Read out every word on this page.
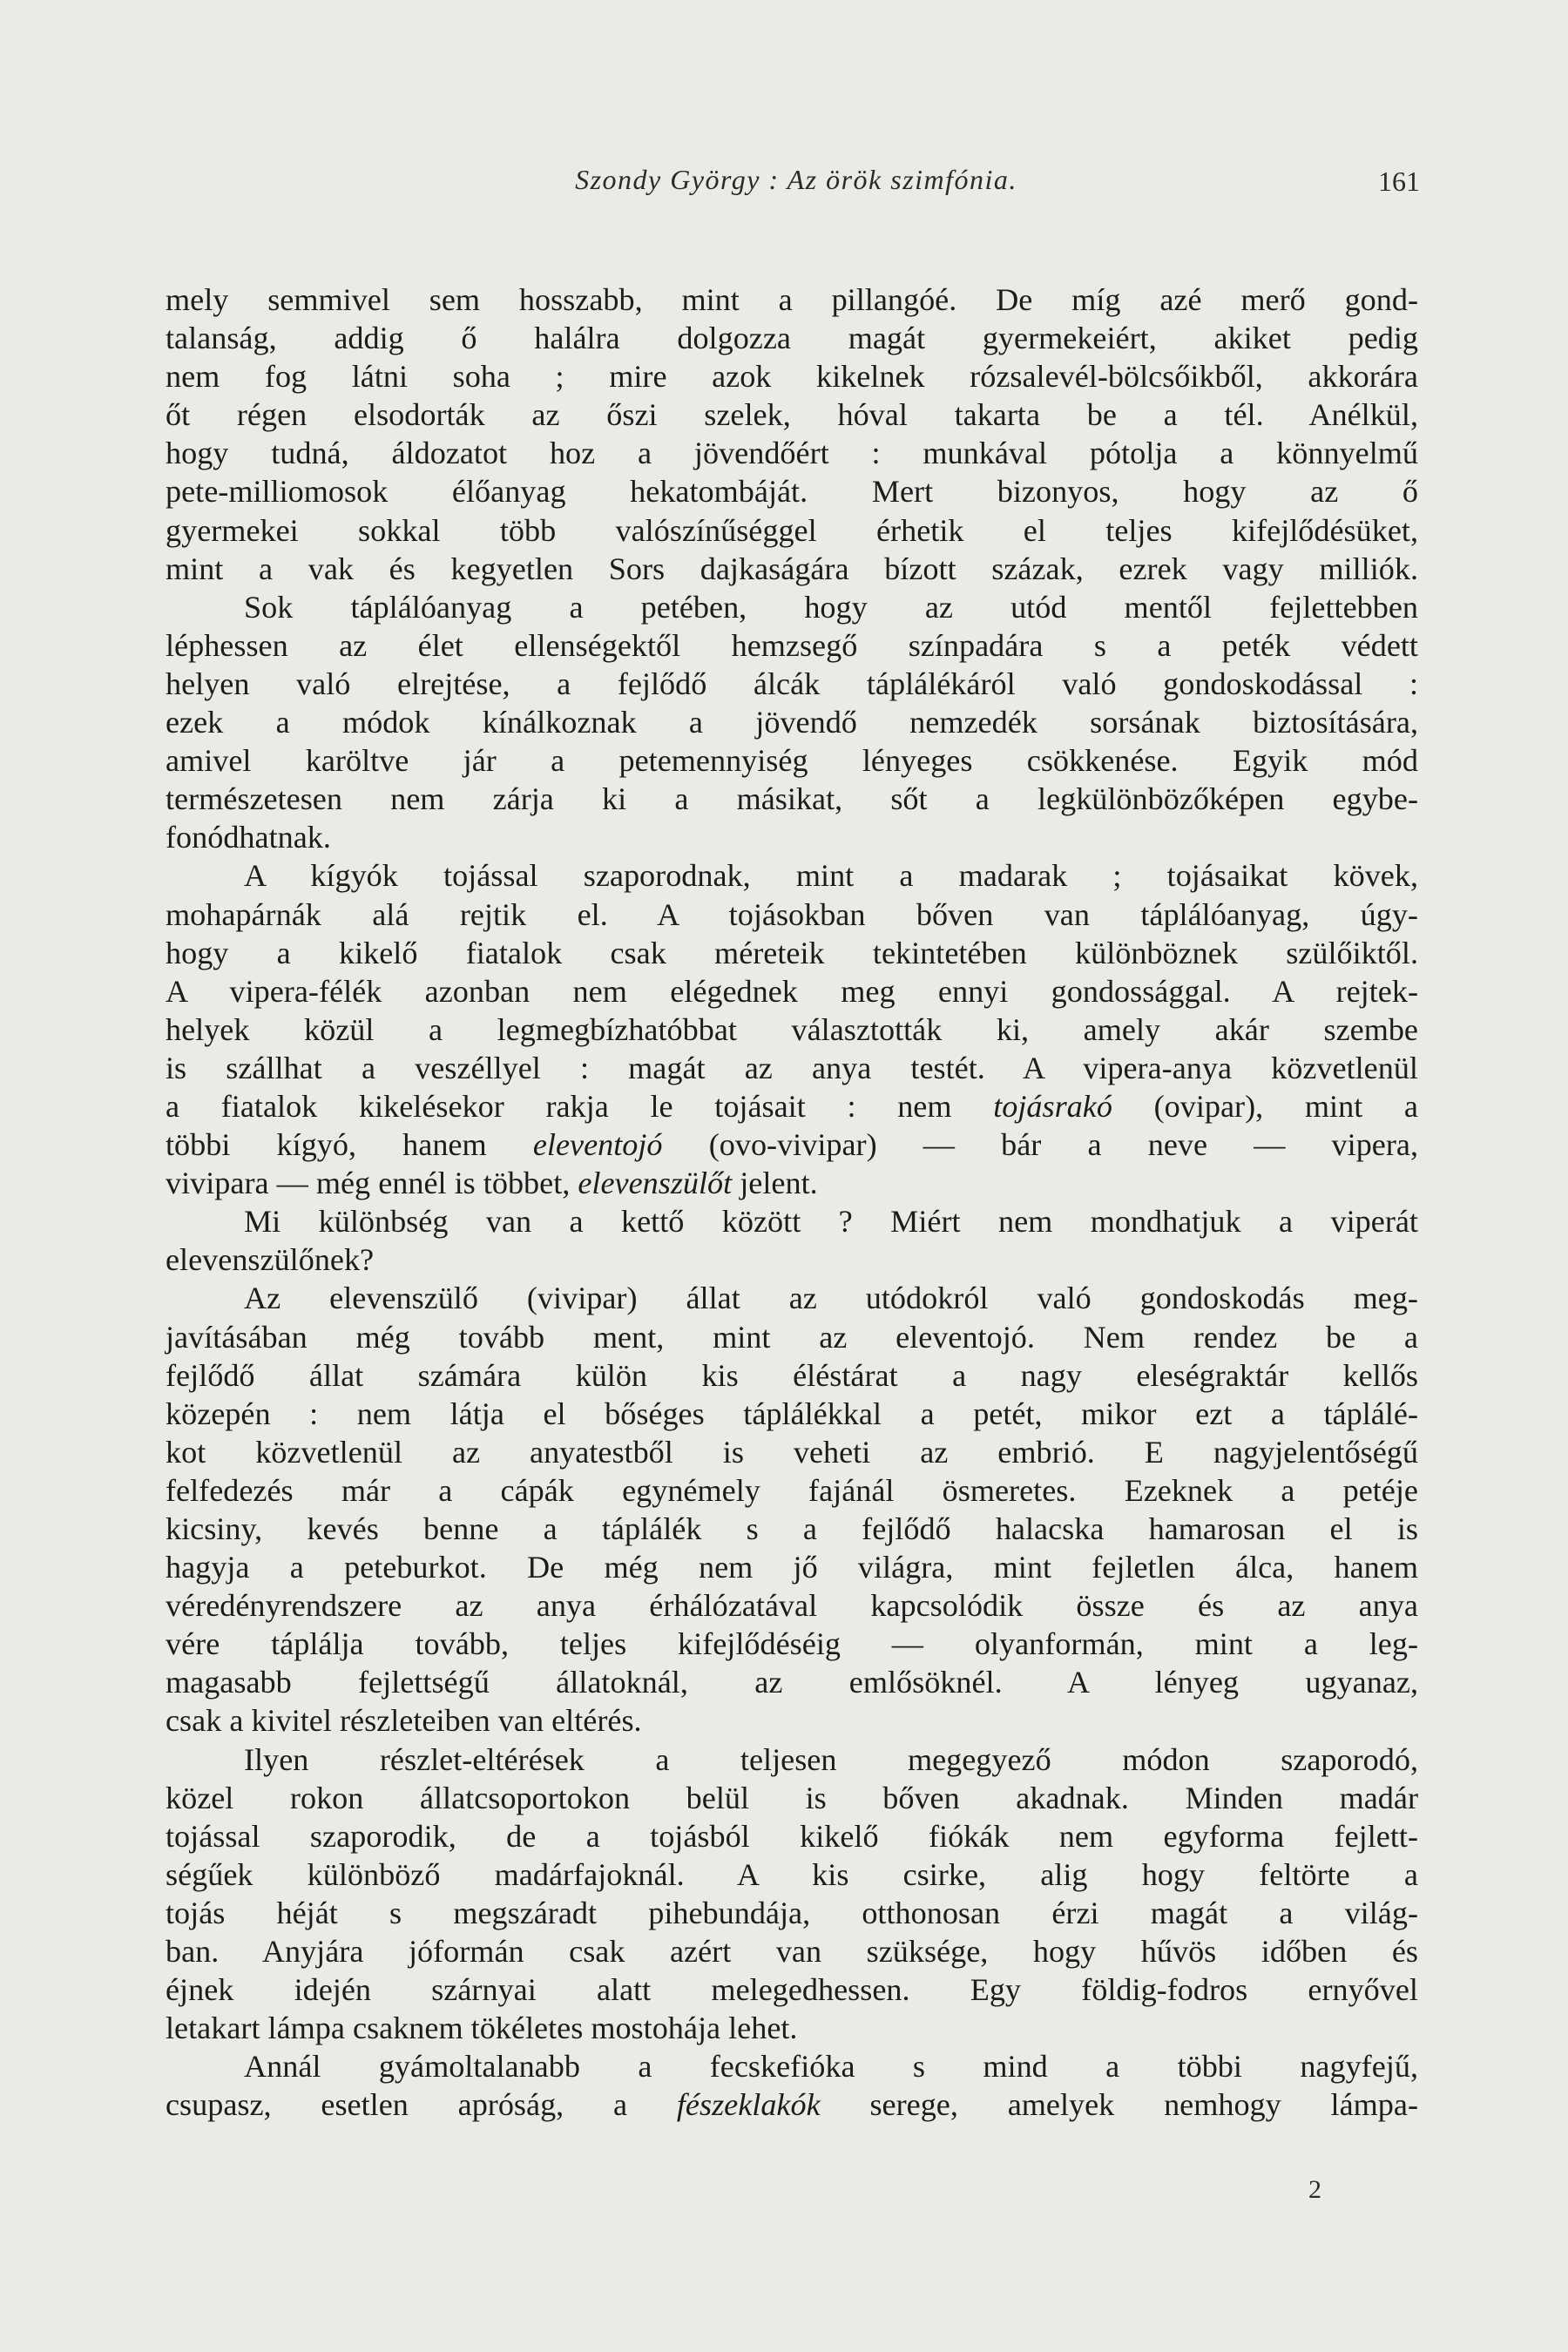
Szondy György : Az örök szimfónia.	161
mely semmivel sem hosszabb, mint a pillangóé. De míg azé merő gond-
talanság, addig ő halálra dolgozza magát gyermekeiért, akiket pedig
nem fog látni soha ; mire azok kikelnek rózsalevél-bölcsőikből, akkorára
őt régen elsodorták az őszi szelek, hóval takarta be a tél. Anélkül,
hogy tudná, áldozatot hoz a jövendőért : munkával pótolja a könnyelmű
pete-milliomosok élőanyag hekatombáját. Mert bizonyos, hogy az ő
gyermekei sokkal több valószínűséggel érhetik el teljes kifejlődésüket,
mint a vak és kegyetlen Sors dajkaságára bízott százak, ezrek vagy milliók.
Sok táplálóanyag a petében, hogy az utód mentől fejlettebben
léphessen az élet ellenségektől hemzsegő színpadára s a peték védett
helyen való elrejtése, a fejlődő álcák táplálékáról való gondoskodással :
ezek a módok kínálkoznak a jövendő nemzedék sorsának biztosítására,
amivel karöltve jár a petemennyiség lényeges csökkenése. Egyik mód
természetesen nem zárja ki a másikat, sőt a legkülönbözőképen egybe-
fonódhatnak.
A kígyók tojással szaporodnak, mint a madarak ; tojásaikat kövek,
mohapárnák alá rejtik el. A tojásokban bőven van táplálóanyag, úgy-
hogy a kikelő fiatalok csak méreteik tekintetében különböznek szülőiktől.
A vipera-félék azonban nem elégednek meg ennyi gondossággal. A rejtek-
helyek közül a legmegbízhatóbbat választották ki, amely akár szembe
is szállhat a veszéllyel : magát az anya testét. A vipera-anya közvetlenül
a fiatalok kikelésekor rakja le tojásait : nem tojásrakó (ovipar), mint a
többi kígyó, hanem eleventojó (ovo-vivipar) — bár a neve — vipera,
vivipara — még ennél is többet, elevenszülőt jelent.
Mi különbség van a kettő között ? Miért nem mondhatjuk a viperát
elevenszülőnek?
Az elevenszülő (vivipar) állat az utódokról való gondoskodás meg-
javításában még tovább ment, mint az eleventojó. Nem rendez be a
fejlődő állat számára külön kis éléstárat a nagy eleségraktár kellős
közepén : nem látja el bőséges táplálékkal a petét, mikor ezt a táplálé-
kot közvetlenül az anyatestből is veheti az embrió. E nagyjelentőségű
felfedezés már a cápák egynémely fajánál ösmeretes. Ezeknek a petéje
kicsiny, kevés benne a táplálék s a fejlődő halacska hamarosan el is
hagyja a peteburkot. De még nem jő világra, mint fejletlen álca, hanem
véredényrendszere az anya érhálózatával kapcsolódik össze és az anya
vére táplálja tovább, teljes kifejlődéséig — olyanformán, mint a leg-
magasabb fejlettségű állatoknál, az emlősöknél. A lényeg ugyanaz,
csak a kivitel részleteiben van eltérés.
Ilyen részlet-eltérések a teljesen megegyező módon szaporodó,
közel rokon állatcsoportokon belül is bőven akadnak. Minden madár
tojással szaporodik, de a tojásból kikelő fiókák nem egyforma fejlett-
ségűek különböző madárfajoknál. A kis csirke, alig hogy feltörte a
tojás héját s megszáradt pihebundája, otthonosan érzi magát a világ-
ban. Anyjára jóformán csak azért van szüksége, hogy hűvös időben és
éjnek idején szárnyai alatt melegedhessen. Egy földig-fodros ernyővel
letakart lámpa csaknem tökéletes mostohája lehet.
Annál gyámoltalanabb a fecskefióka s mind a többi nagyfejű,
csupasz, esetlen apróság, a fészeklakók serege, amelyek nemhogy lámpa-
2
